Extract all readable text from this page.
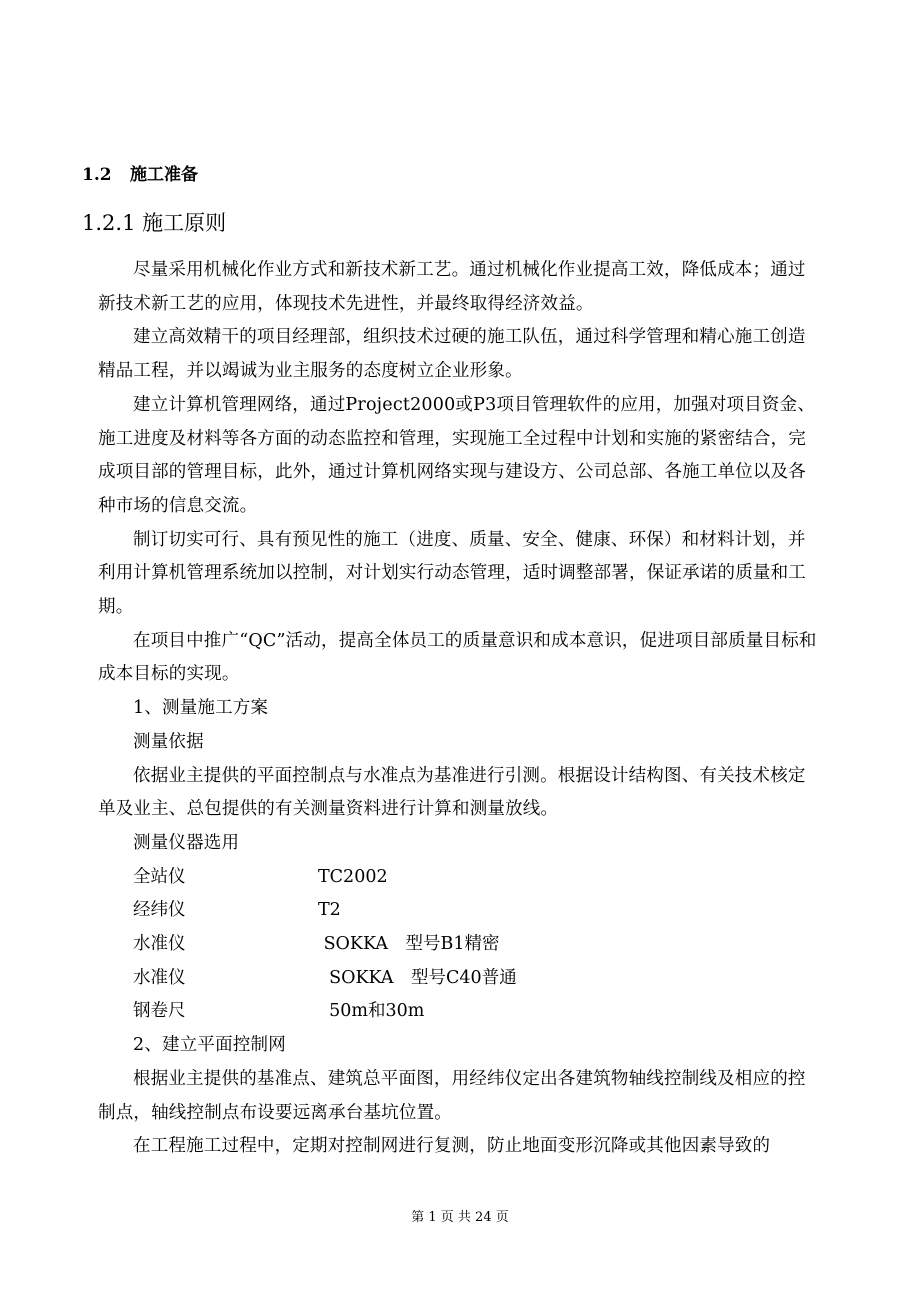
1.2 施工准备
1.2.1 施工原则

尽量采用机械化作业方式和新技术新工艺。通过机械化作业提高工效，降低成本；通过新技术新工艺的应用，体现技术先进性，并最终取得经济效益。

建立高效精干的项目经理部，组织技术过硬的施工队伍，通过科学管理和精心施工创造精品工程，并以竭诚为业主服务的态度树立企业形象。

建立计算机管理网络，通过Project2000或P3项目管理软件的应用，加强对项目资金、施工进度及材料等各方面的动态监控和管理，实现施工全过程中计划和实施的紧密结合，完成项目部的管理目标，此外，通过计算机网络实现与建设方、公司总部、各施工单位以及各种市场的信息交流。

制订切实可行、具有预见性的施工（进度、质量、安全、健康、环保）和材料计划，并利用计算机管理系统加以控制，对计划实行动态管理，适时调整部署，保证承诺的质量和工期。

在项目中推广“QC”活动，提高全体员工的质量意识和成本意识，促进项目部质量目标和成本目标的实现。

1、测量施工方案

测量依据

依据业主提供的平面控制点与水准点为基准进行引测。根据设计结构图、有关技术核定单及业主、总包提供的有关测量资料进行计算和测量放线。

测量仪器选用

全站仪	TC2002
经纬仪	T2
水准仪	SOKKA　型号B1精密
水准仪	SOKKA　型号C40普通
钢卷尺	50m和30m

2、建立平面控制网

根据业主提供的基准点、建筑总平面图，用经纬仪定出各建筑物轴线控制线及相应的控制点，轴线控制点布设要远离承台基坑位置。

在工程施工过程中，定期对控制网进行复测，防止地面变形沉降或其他因素导致的

第 1 页 共 24 页
